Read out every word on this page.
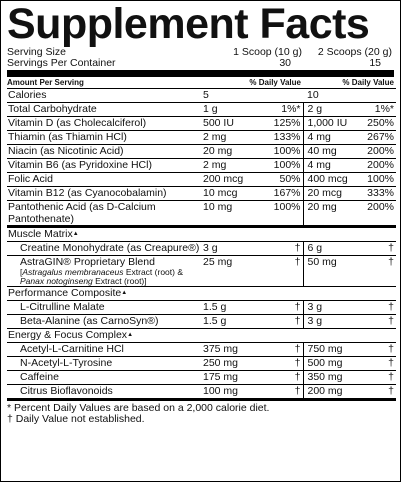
Supplement Facts
Serving Size	1 Scoop (10 g) 2 Scoops (20 g)
Servings Per Container	30	15
Amount Per Serving	% Daily Value		% Daily Value	
Calories	5		10	
Total Carbohydrate	1 g	1%*	2 g	1%*
Vitamin D (as Cholecalciferol)	500 IU	125%	1,000 IU	250%
Thiamin (as Thiamin HCl)	2 mg	133%	4 mg	267%
Niacin (as Nicotinic Acid)	20 mg	100%	40 mg	200%
Vitamin B6 (as Pyridoxine HCl)	2 mg	100%	4 mg	200%
Folic Acid	200 mcg	50%	400 mcg	100%
Vitamin B12 (as Cyanocobalamin)	10 mcg	167%	20 mcg	333%
Pantothenic Acid (as D-Calcium Pantothenate)	10 mg	100%	20 mg	200%
Muscle Matrix▲
Creatine Monohydrate (as Creapure®)	3 g	†	6 g	†

AstraGIN® Proprietary Blend
[Astragalus membranaceus Extract (root) & Panax notoginseng Extract (root)]	25 mg	†	50 mg	†
Performance Composite▲
L-Citrulline Malate	1.5 g	†	3 g	†
Beta-Alanine (as CarnoSyn®)	1.5 g	†	3 g	†
Energy & Focus Complex▲
Acetyl-L-Carnitine HCl	375 mg	†	750 mg	†
N-Acetyl-L-Tyrosine	250 mg	†	500 mg	†
Caffeine	175 mg	†	350 mg	†
Citrus Bioflavonoids	100 mg	†	200 mg	†
* Percent Daily Values are based on a 2,000 calorie diet.
† Daily Value not established.
